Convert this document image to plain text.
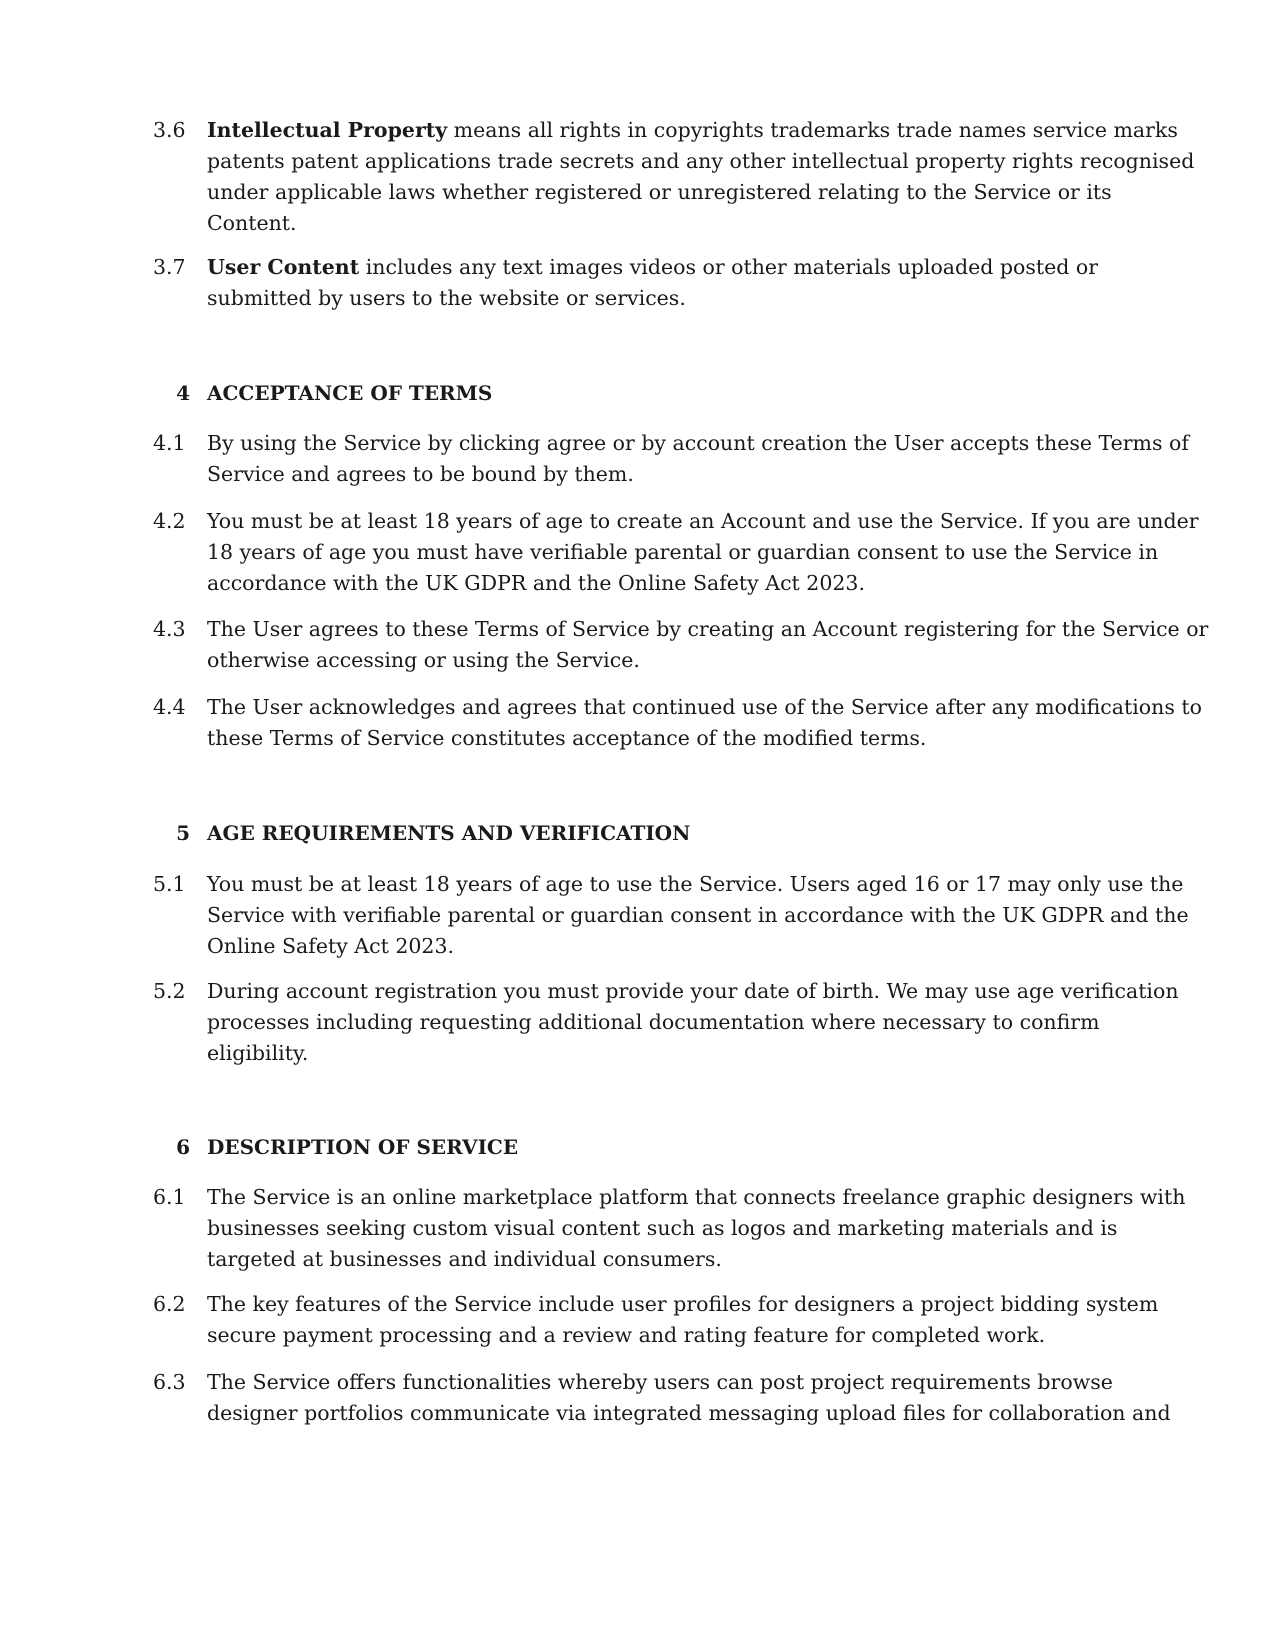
3.6	Intellectual Property means all rights in copyrights trademarks trade names service marks
patents patent applications trade secrets and any other intellectual property rights recognised
under applicable laws whether registered or unregistered relating to the Service or its
Content.
3.7	User Content includes any text images videos or other materials uploaded posted or
submitted by users to the website or services.
4 ACCEPTANCE OF TERMS
4.1	By using the Service by clicking agree or by account creation the User accepts these Terms of
Service and agrees to be bound by them.
4.2	You must be at least 18 years of age to create an Account and use the Service. If you are under
18 years of age you must have verifiable parental or guardian consent to use the Service in
accordance with the UK GDPR and the Online Safety Act 2023.
4.3	The User agrees to these Terms of Service by creating an Account registering for the Service or
otherwise accessing or using the Service.
4.4	The User acknowledges and agrees that continued use of the Service after any modifications to
these Terms of Service constitutes acceptance of the modified terms.
5 AGE REQUIREMENTS AND VERIFICATION
5.1	You must be at least 18 years of age to use the Service. Users aged 16 or 17 may only use the
Service with verifiable parental or guardian consent in accordance with the UK GDPR and the
Online Safety Act 2023.
5.2	During account registration you must provide your date of birth. We may use age verification
processes including requesting additional documentation where necessary to confirm
eligibility.
6 DESCRIPTION OF SERVICE
6.1	The Service is an online marketplace platform that connects freelance graphic designers with
businesses seeking custom visual content such as logos and marketing materials and is
targeted at businesses and individual consumers.
6.2	The key features of the Service include user profiles for designers a project bidding system
secure payment processing and a review and rating feature for completed work.
6.3	The Service offers functionalities whereby users can post project requirements browse
designer portfolios communicate via integrated messaging upload files for collaboration and
